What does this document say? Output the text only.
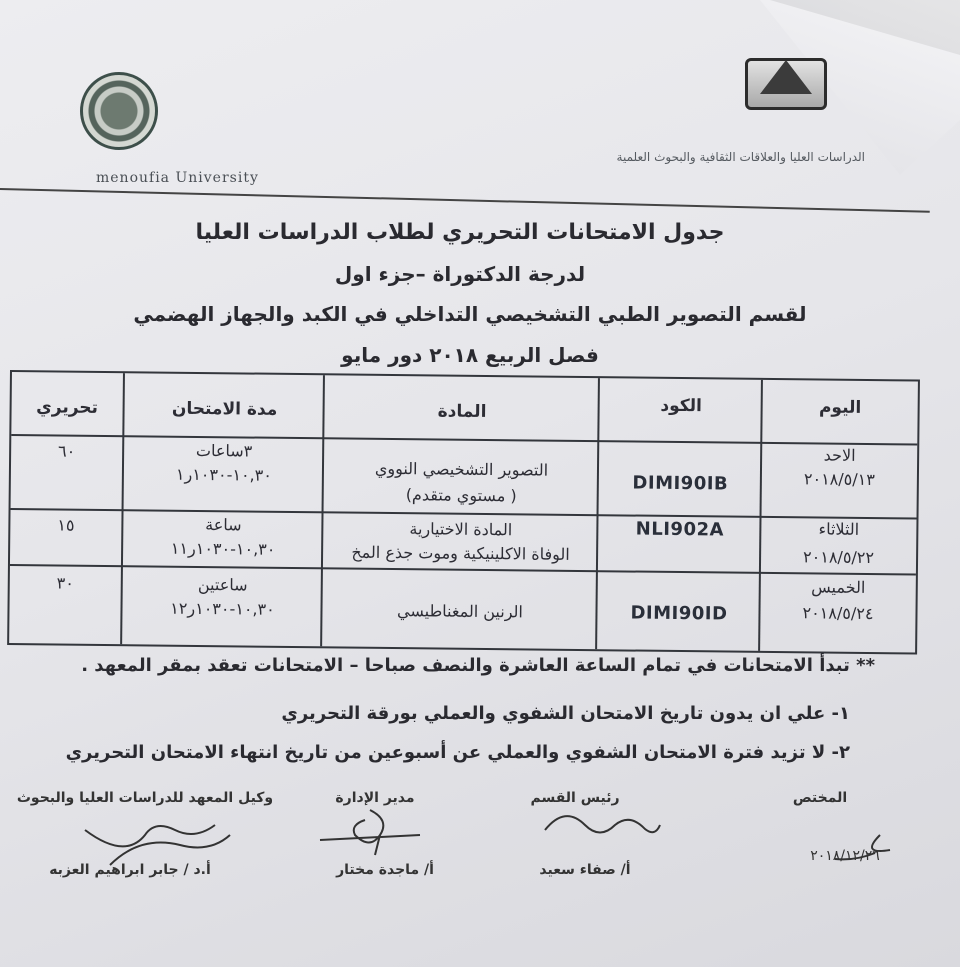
menoufia University
الدراسات العليا والعلاقات الثقافية والبحوث العلمية
جدول الامتحانات التحريري لطلاب الدراسات العليا
لدرجة الدكتوراة –جزء اول
لقسم التصوير الطبي التشخيصي التداخلي في الكبد والجهاز الهضمي
فصل الربيع ٢٠١٨ دور مايو
اليوم
الكود
المادة
مدة الامتحان
تحريري
الاحد
٢٠١٨/٥/١٣
DIMI90IB
التصوير التشخيصي النووي
( مستوي متقدم)
٣ساعات
١٠,٣٠-١٠٣٠ر١
٦٠
الثلاثاء
٢٠١٨/٥/٢٢
NLI902A
المادة الاختيارية
الوفاة الاكلينيكية وموت جذع المخ
ساعة
١٠,٣٠-١٠٣٠ر١١
١٥
الخميس
٢٠١٨/٥/٢٤
DIMI90ID
الرنين المغناطيسي
ساعتين
١٠,٣٠-١٠٣٠ر١٢
٣٠
** تبدأ الامتحانات في تمام الساعة العاشرة والنصف صباحا – الامتحانات تعقد بمقر المعهد .
١- علي ان يدون تاريخ الامتحان الشفوي والعملي بورقة التحريري
٢- لا تزيد فترة الامتحان الشفوي والعملي عن أسبوعين من تاريخ انتهاء الامتحان التحريري
المختص
رئيس القسم
مدير الإدارة
وكيل المعهد للدراسات العليا والبحوث
٢٠١٨/١٢/٢٦
أ/ صفاء سعيد
أ/ ماجدة مختار
أ.د / جابر ابراهيم العزبه
